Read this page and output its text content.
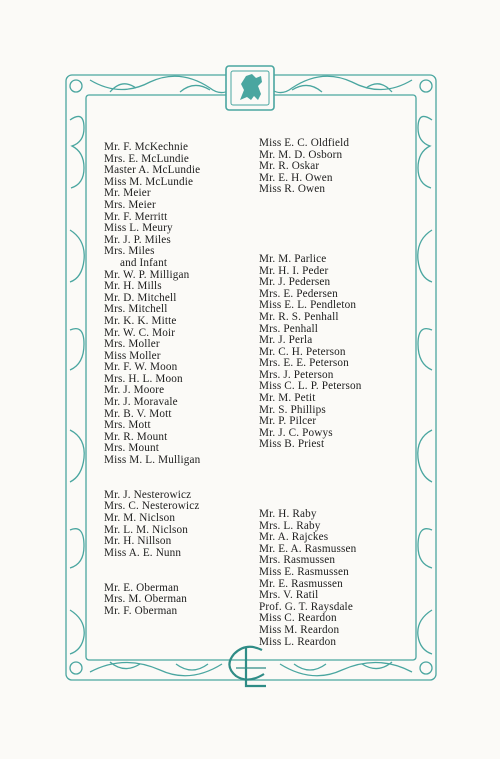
Mr. F. McKechnie
Mrs. E. McLundie
Master A. McLundie
Miss M. McLundie
Mr. Meier
Mrs. Meier
Mr. F. Merritt
Miss L. Meury
Mr. J. P. Miles
Mrs. Miles
and Infant
Mr. W. P. Milligan
Mr. H. Mills
Mr. D. Mitchell
Mrs. Mitchell
Mr. K. K. Mitte
Mr. W. C. Moir
Mrs. Moller
Miss Moller
Mr. F. W. Moon
Mrs. H. L. Moon
Mr. J. Moore
Mr. J. Moravale
Mr. B. V. Mott
Mrs. Mott
Mr. R. Mount
Mrs. Mount
Miss M. L. Mulligan
Mr. J. Nesterowicz
Mrs. C. Nesterowicz
Mr. M. Niclson
Mr. L. M. Niclson
Mr. H. Nillson
Miss A. E. Nunn
Mr. E. Oberman
Mrs. M. Oberman
Mr. F. Oberman
Miss E. C. Oldfield
Mr. M. D. Osborn
Mr. R. Oskar
Mr. E. H. Owen
Miss R. Owen
Mr. M. Parlice
Mr. H. I. Peder
Mr. J. Pedersen
Mrs. E. Pedersen
Miss E. L. Pendleton
Mr. R. S. Penhall
Mrs. Penhall
Mr. J. Perla
Mr. C. H. Peterson
Mrs. E. E. Peterson
Mrs. J. Peterson
Miss C. L. P. Peterson
Mr. M. Petit
Mr. S. Phillips
Mr. P. Pilcer
Mr. J. C. Powys
Miss B. Priest
Mr. H. Raby
Mrs. L. Raby
Mr. A. Rajckes
Mr. E. A. Rasmussen
Mrs. Rasmussen
Miss E. Rasmussen
Mr. E. Rasmussen
Mrs. V. Ratil
Prof. G. T. Raysdale
Miss C. Reardon
Miss M. Reardon
Miss L. Reardon
